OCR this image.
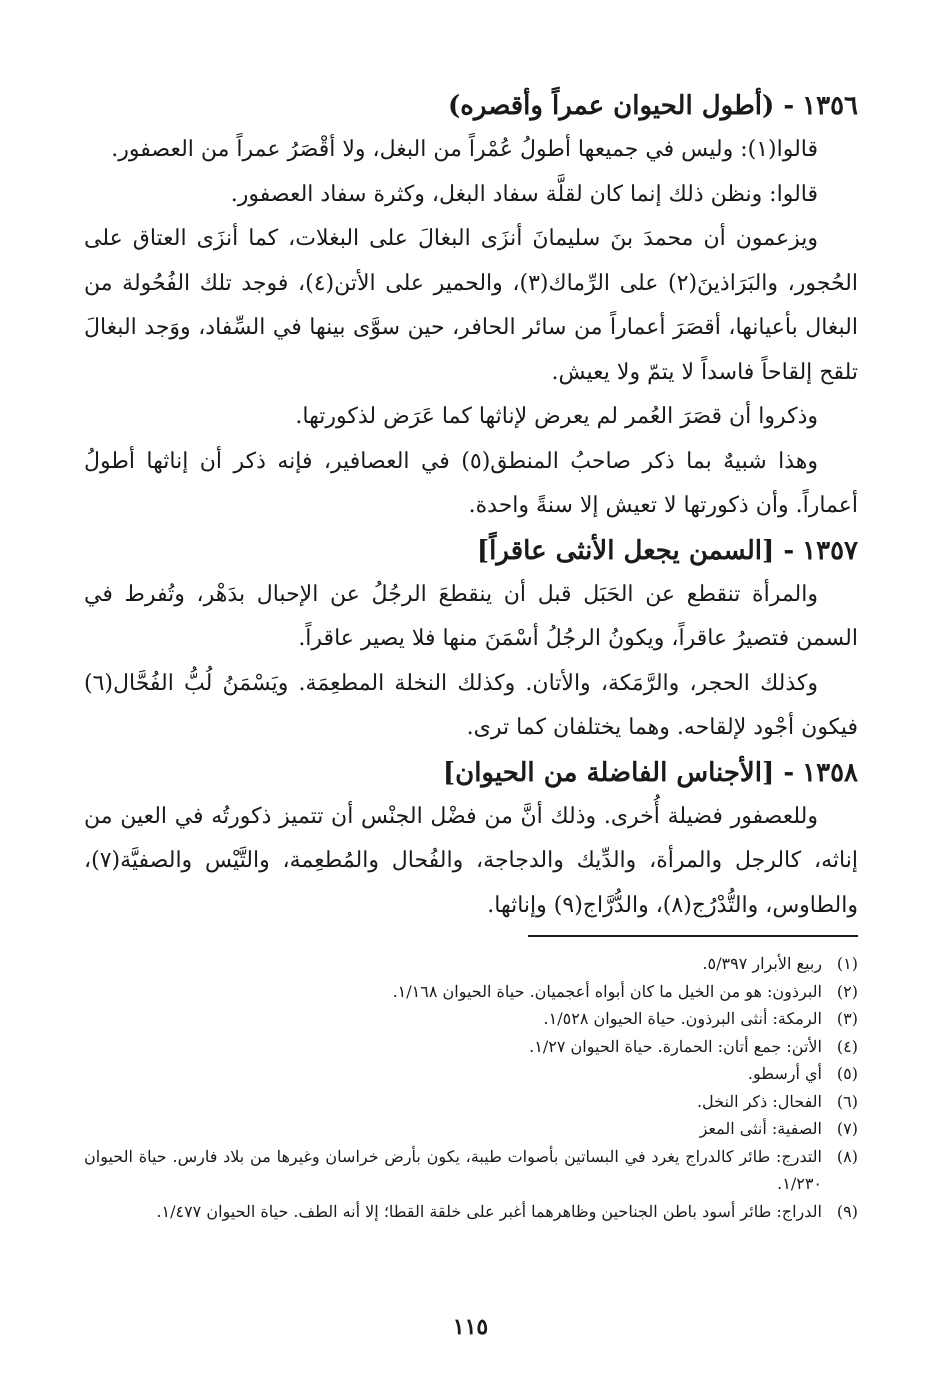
١٣٥٦- (أطول الحيوان عمراً وأقصره)

قالوا(١): وليس في جميعها أطولُ عُمْراً من البغل، ولا أقْصَرُ عمراً من العصفور.

قالوا: ونظن ذلك إنما كان لقلَّة سفاد البغل، وكثرة سفاد العصفور.

ويزعمون أن محمدَ بنَ سليمانَ أنزَى البغالَ على البغلات، كما أنزَى العتاق على الحُجور، والبَرَاذينَ(٢) على الرِّماك(٣)، والحمير على الأتن(٤)، فوجد تلك الفُحُولة من البغال بأعيانها، أقصَرَ أعماراً من سائر الحافر، حين سوَّى بينها في السِّفاد، ووَجد البغالَ تلقح إلقاحاً فاسداً لا يتمّ ولا يعيش.

وذكروا أن قصَرَ العُمر لم يعرض لإناثها كما عَرَض لذكورتها.

وهذا شبيهٌ بما ذكر صاحبُ المنطق(٥) في العصافير، فإنه ذكر أن إناثها أطولُ أعماراً. وأن ذكورتها لا تعيش إلا سنةً واحدة.

١٣٥٧- [السمن يجعل الأنثى عاقراً]

والمرأة تنقطع عن الحَبَل قبل أن ينقطعَ الرجُلُ عن الإحبال بدَهْر، وتُفرط في السمن فتصيرُ عاقراً، ويكونُ الرجُلُ أسْمَنَ منها فلا يصير عاقراً.

وكذلك الحجر، والرَّمَكة، والأتان. وكذلك النخلة المطعِمَة. ويَسْمَنُ لُبُّ الفُحَّال(٦) فيكون أجْود لإلقاحه. وهما يختلفان كما ترى.

١٣٥٨- [الأجناس الفاضلة من الحيوان]

وللعصفور فضيلة أُخرى. وذلك أنَّ من فضْل الجنْس أن تتميز ذكورتُه في العين من إناثه، كالرجل والمرأة، والدِّيك والدجاجة، والفُحال والمُطعِمة، والتَّيْس والصفيَّة(٧)، والطاوس، والتُّدْرُج(٨)، والدُّرَّاج(٩) وإناثها.

(١)
ربيع الأبرار ٥/٣٩٧.
(٢)
البرذون: هو من الخيل ما كان أبواه أعجميان. حياة الحيوان ١/١٦٨.
(٣)
الرمكة: أنثى البرذون. حياة الحيوان ١/٥٢٨.
(٤)
الأتن: جمع أتان: الحمارة. حياة الحيوان ١/٢٧.
(٥)
أي أرسطو.
(٦)
الفحال: ذكر النخل.
(٧)
الصفية: أنثى المعز
(٨)
التدرج: طائر كالدراج يغرد في البساتين بأصوات طيبة، يكون بأرض خراسان وغيرها من بلاد فارس. حياة الحيوان ١/٢٣٠.
(٩)
الدراج: طائر أسود باطن الجناحين وظاهرهما أغبر على خلقة القطا؛ إلا أنه الطف. حياة الحيوان ١/٤٧٧.
١١٥
